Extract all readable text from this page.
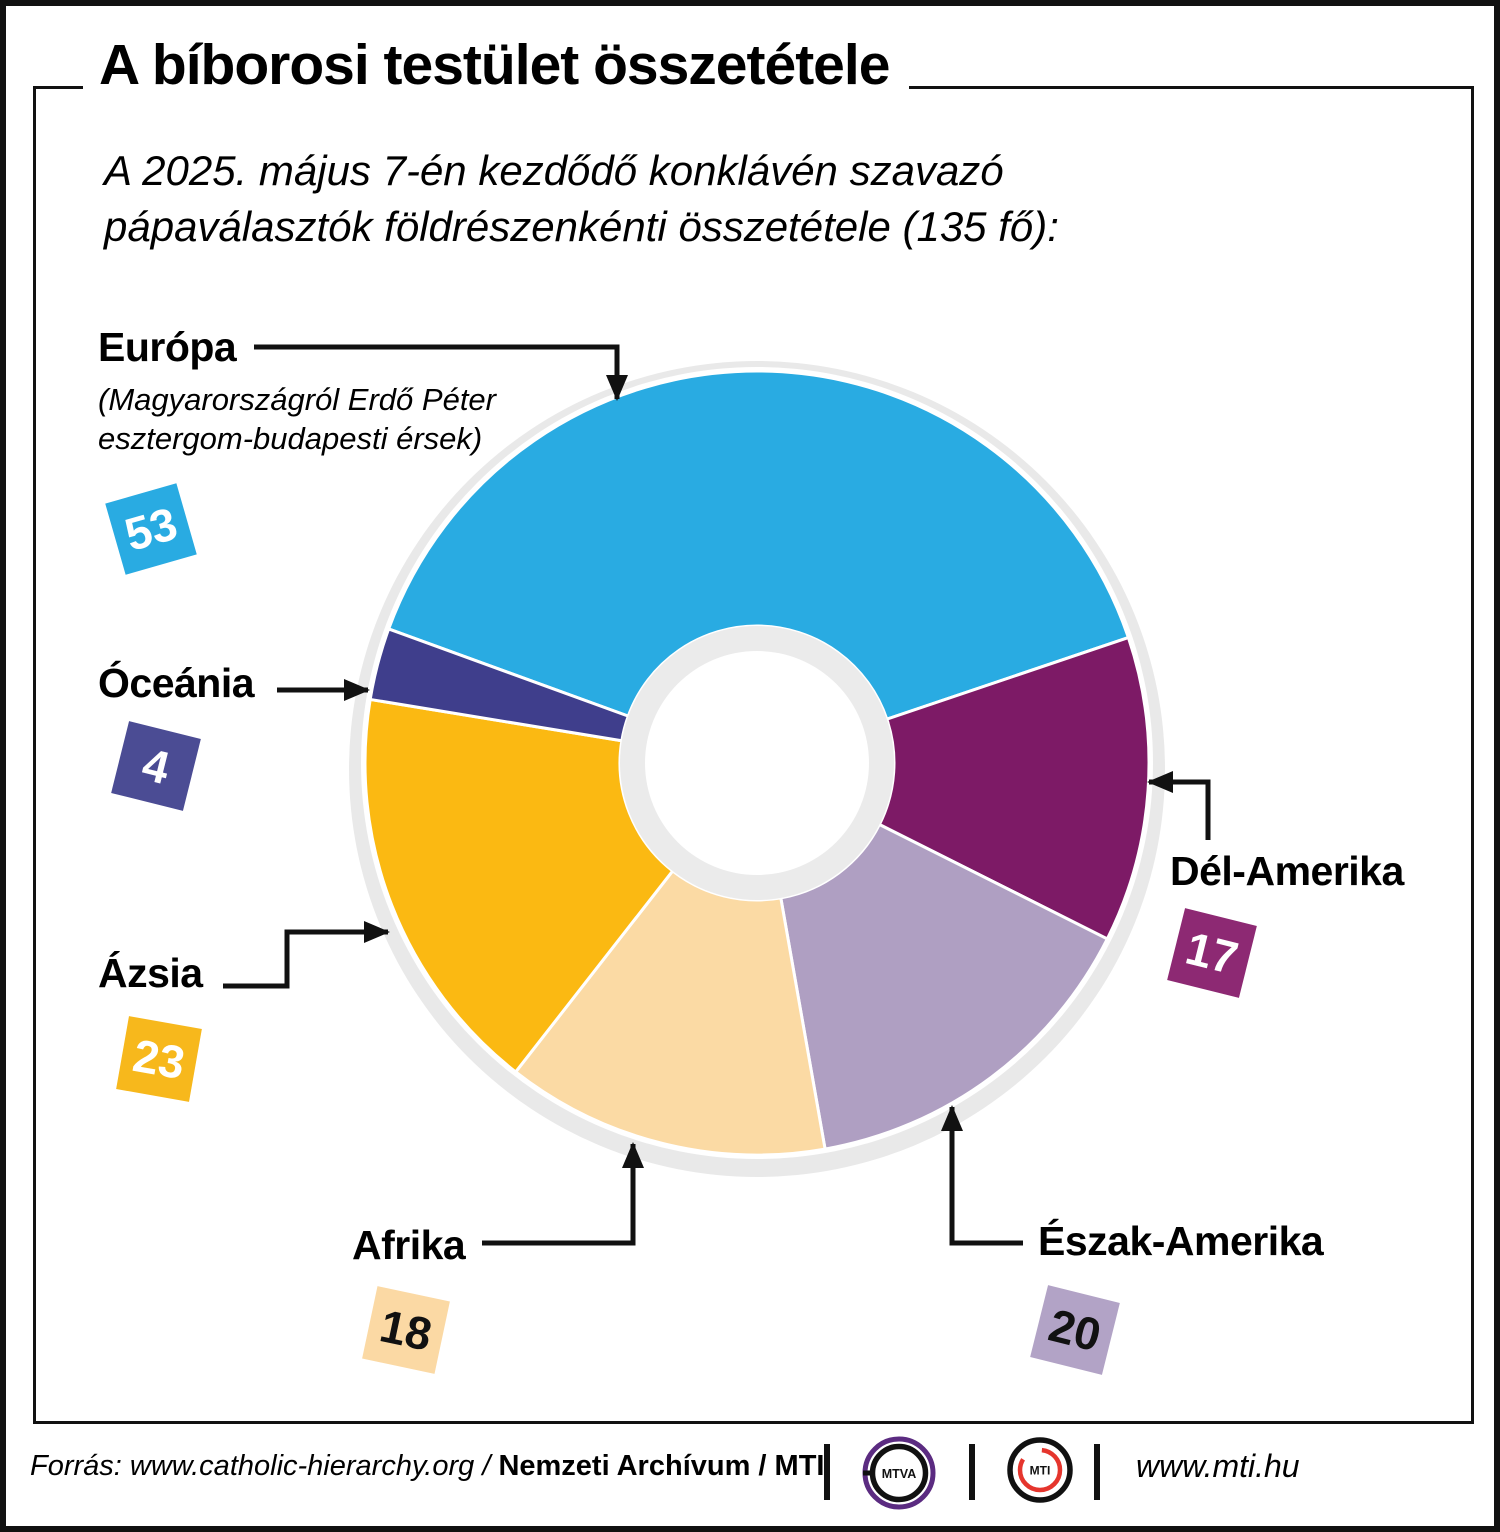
A bíborosi testület összetétele
A 2025. május 7-én kezdődő konklávén szavazó
pápaválasztók földrészenkénti összetétele (135 fő):
Európa
(Magyarországról Erdő Péter
esztergom-budapesti érsek)
53
Óceánia
4
Ázsia
23
Afrika
18
Észak-Amerika
20
Dél-Amerika
17
Forrás: www.catholic-hierarchy.org / Nemzeti Archívum / MTI	MTVA	MTI	www.mti.hu
